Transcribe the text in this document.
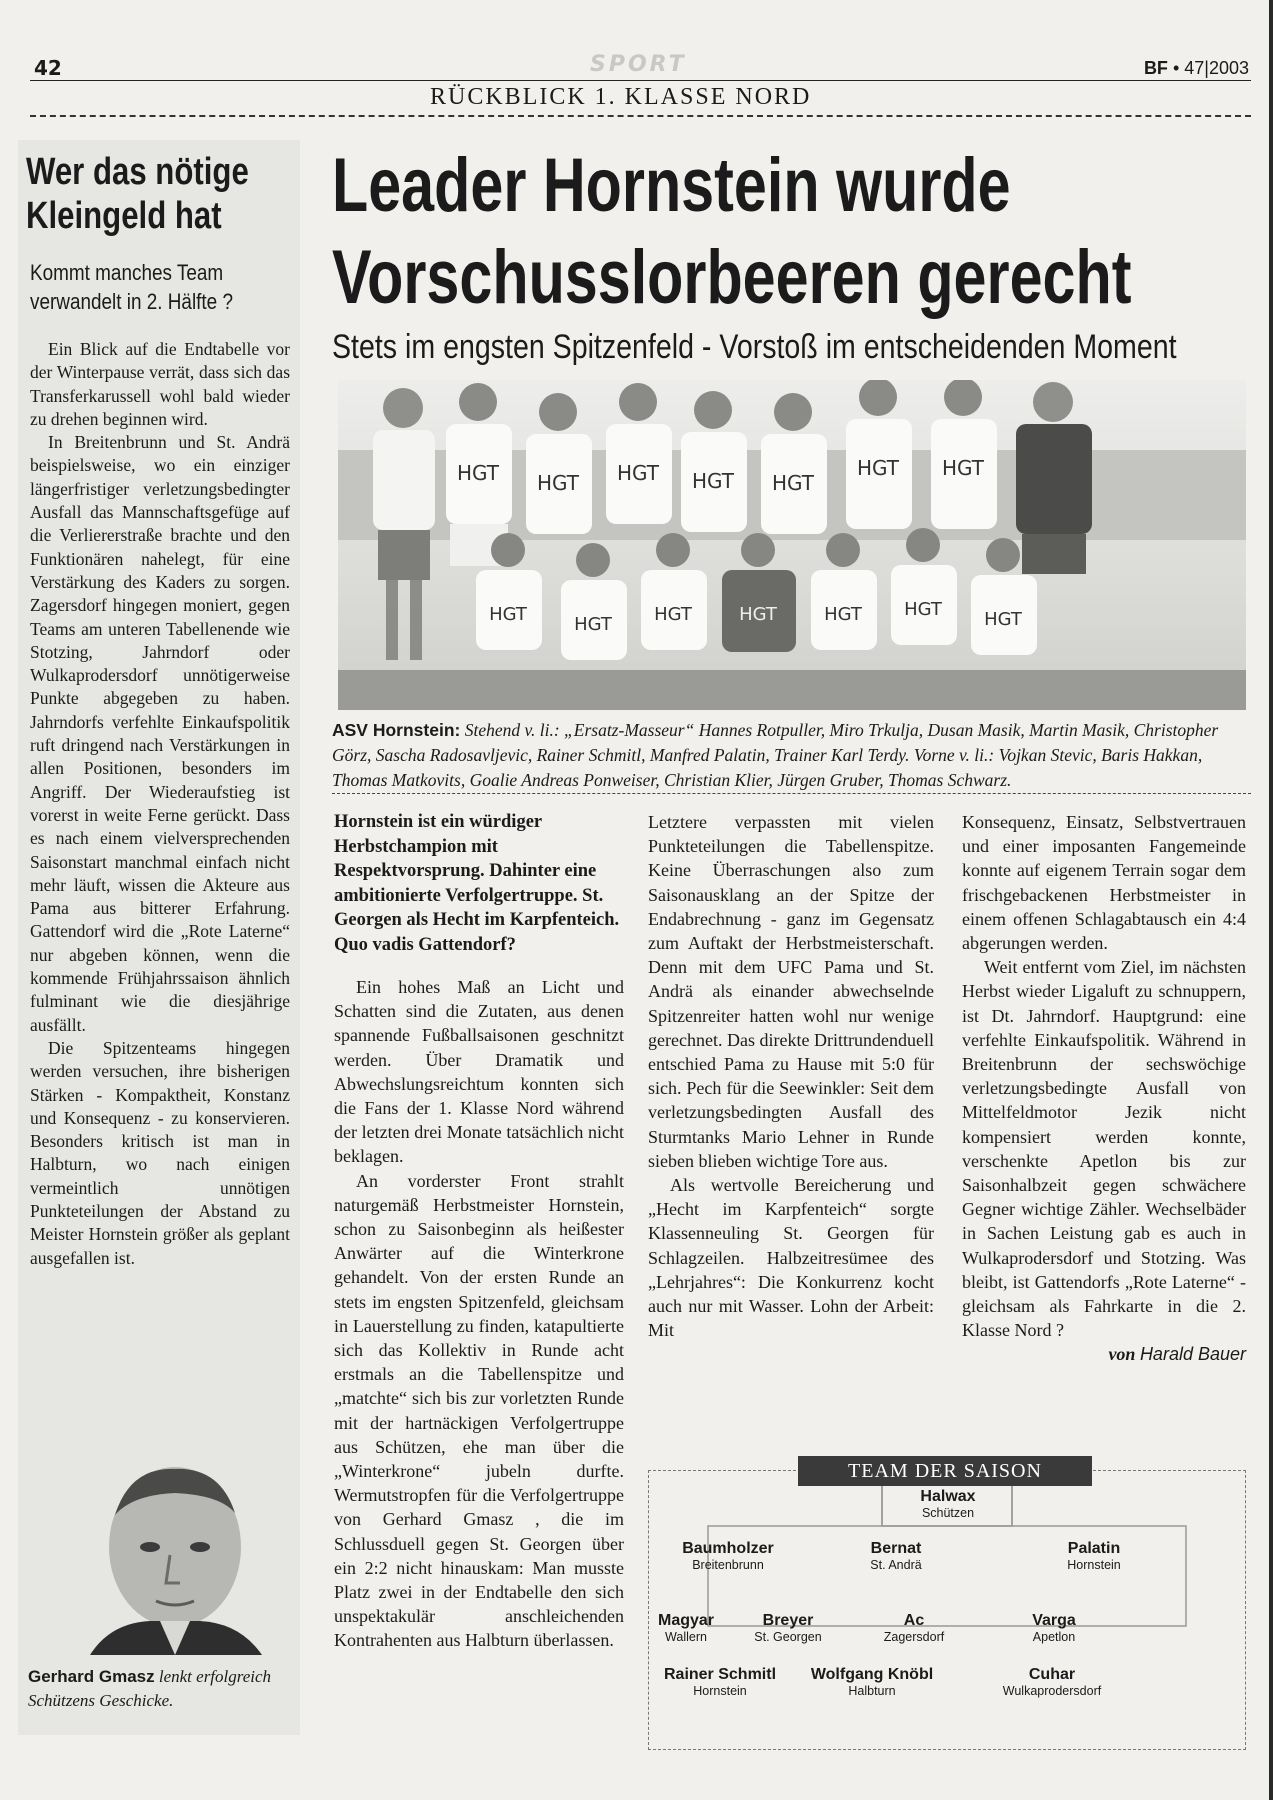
42	SPORT	BF • 47|2003
RÜCKBLICK 1. KLASSE NORD
Wer das nötige Kleingeld hat
Kommt manches Team verwandelt in 2. Hälfte ?

Ein Blick auf die Endtabelle vor der Winterpause verrät, dass sich das Transferkarussell wohl bald wieder zu drehen beginnen wird.

In Breitenbrunn und St. Andrä beispielsweise, wo ein einziger längerfristiger verletzungsbedingter Ausfall das Mannschaftsgefüge auf die Verliererstraße brachte und den Funktionären nahelegt, für eine Verstärkung des Kaders zu sorgen. Zagersdorf hingegen moniert, gegen Teams am unteren Tabellenende wie Stotzing, Jahrndorf oder Wulkaprodersdorf unnötigerweise Punkte abgegeben zu haben. Jahrndorfs verfehlte Einkaufspolitik ruft dringend nach Verstärkungen in allen Positionen, besonders im Angriff. Der Wiederaufstieg ist vorerst in weite Ferne gerückt. Dass es nach einem vielversprechenden Saisonstart manchmal einfach nicht mehr läuft, wissen die Akteure aus Pama aus bitterer Erfahrung. Gattendorf wird die „Rote Laterne“ nur abgeben können, wenn die kommende Frühjahrssaison ähnlich fulminant wie die diesjährige ausfällt.

Die Spitzenteams hingegen werden versuchen, ihre bisherigen Stärken - Kompaktheit, Konstanz und Konsequenz - zu konservieren. Besonders kritisch ist man in Halbturn, wo nach einigen vermeintlich unnötigen Punkteteilungen der Abstand zu Meister Hornstein größer als geplant ausgefallen ist.

Gerhard Gmasz lenkt erfolgreich Schützens Geschicke.
Leader Hornstein wurde
Vorschusslorbeeren gerecht
Stets im engsten Spitzenfeld - Vorstoß im entscheidenden Moment
HGT HGT HGT HGT HGT
HGT HGT
HGT	HGT HGT	HGT	HGT HGT HGT
ASV Hornstein: Stehend v. li.: „Ersatz-Masseur“ Hannes Rotpuller, Miro Trkulja, Dusan Masik, Martin Masik, Christopher Görz, Sascha Radosavljevic, Rainer Schmitl, Manfred Palatin, Trainer Karl Terdy. Vorne v. li.: Vojkan Stevic, Baris Hakkan, Thomas Matkovits, Goalie Andreas Ponweiser, Christian Klier, Jürgen Gruber, Thomas Schwarz.
Hornstein ist ein würdiger Herbstchampion mit Respektvorsprung. Dahinter eine ambitionierte Verfolgertruppe. St. Georgen als Hecht im Karpfenteich. Quo vadis Gattendorf?

Ein hohes Maß an Licht und Schatten sind die Zutaten, aus denen spannende Fußballsaisonen geschnitzt werden. Über Dramatik und Abwechslungsreichtum konnten sich die Fans der 1. Klasse Nord während der letzten drei Monate tatsächlich nicht beklagen.

An vorderster Front strahlt naturgemäß Herbstmeister Hornstein, schon zu Saisonbeginn als heißester Anwärter auf die Winterkrone gehandelt. Von der ersten Runde an stets im engsten Spitzenfeld, gleichsam in Lauerstellung zu finden, katapultierte sich das Kollektiv in Runde acht erstmals an die Tabellenspitze und „matchte“ sich bis zur vorletzten Runde mit der hartnäckigen Verfolgertruppe aus Schützen, ehe man über die „Winterkrone“ jubeln durfte. Wermutstropfen für die Verfolgertruppe von Gerhard Gmasz , die im Schlussduell gegen St. Georgen über ein 2:2 nicht hinauskam: Man musste Platz zwei in der Endtabelle den sich unspektakulär anschleichenden Kontrahenten aus Halbturn überlassen.

Letztere verpassten mit vielen Punkteteilungen die Tabellenspitze. Keine Überraschungen also zum Saisonausklang an der Spitze der Endabrechnung - ganz im Gegensatz zum Auftakt der Herbstmeisterschaft. Denn mit dem UFC Pama und St. Andrä als einander abwechselnde Spitzenreiter hatten wohl nur wenige gerechnet. Das direkte Drittrundenduell entschied Pama zu Hause mit 5:0 für sich. Pech für die Seewinkler: Seit dem verletzungsbedingten Ausfall des Sturmtanks Mario Lehner in Runde sieben blieben wichtige Tore aus.

Als wertvolle Bereicherung und „Hecht im Karpfenteich“ sorgte Klassenneuling St. Georgen für Schlagzeilen. Halbzeitresümee des „Lehrjahres“: Die Konkurrenz kocht auch nur mit Wasser. Lohn der Arbeit: Mit

Konsequenz, Einsatz, Selbstvertrauen und einer imposanten Fangemeinde konnte auf eigenem Terrain sogar dem frischgebackenen Herbstmeister in einem offenen Schlagabtausch ein 4:4 abgerungen werden.

Weit entfernt vom Ziel, im nächsten Herbst wieder Ligaluft zu schnuppern, ist Dt. Jahrndorf. Hauptgrund: eine verfehlte Einkaufspolitik. Während in Breitenbrunn der sechswöchige verletzungsbedingte Ausfall von Mittelfeldmotor Jezik nicht kompensiert werden konnte, verschenkte Apetlon bis zur Saisonhalbzeit gegen schwächere Gegner wichtige Zähler. Wechselbäder in Sachen Leistung gab es auch in Wulkaprodersdorf und Stotzing. Was bleibt, ist Gattendorfs „Rote Laterne“ - gleichsam als Fahrkarte in die 2. Klasse Nord ?

von Harald Bauer
TEAM DER SAISON
Halwax
Schützen
Baumholzer
Breitenbrunn
Bernat
St. Andrä
Palatin
Hornstein
Magyar
Wallern
Breyer
St. Georgen
Ac
Zagersdorf
Varga
Apetlon
Rainer Schmitl
Hornstein
Wolfgang Knöbl
Halbturn
Cuhar
Wulkaprodersdorf
